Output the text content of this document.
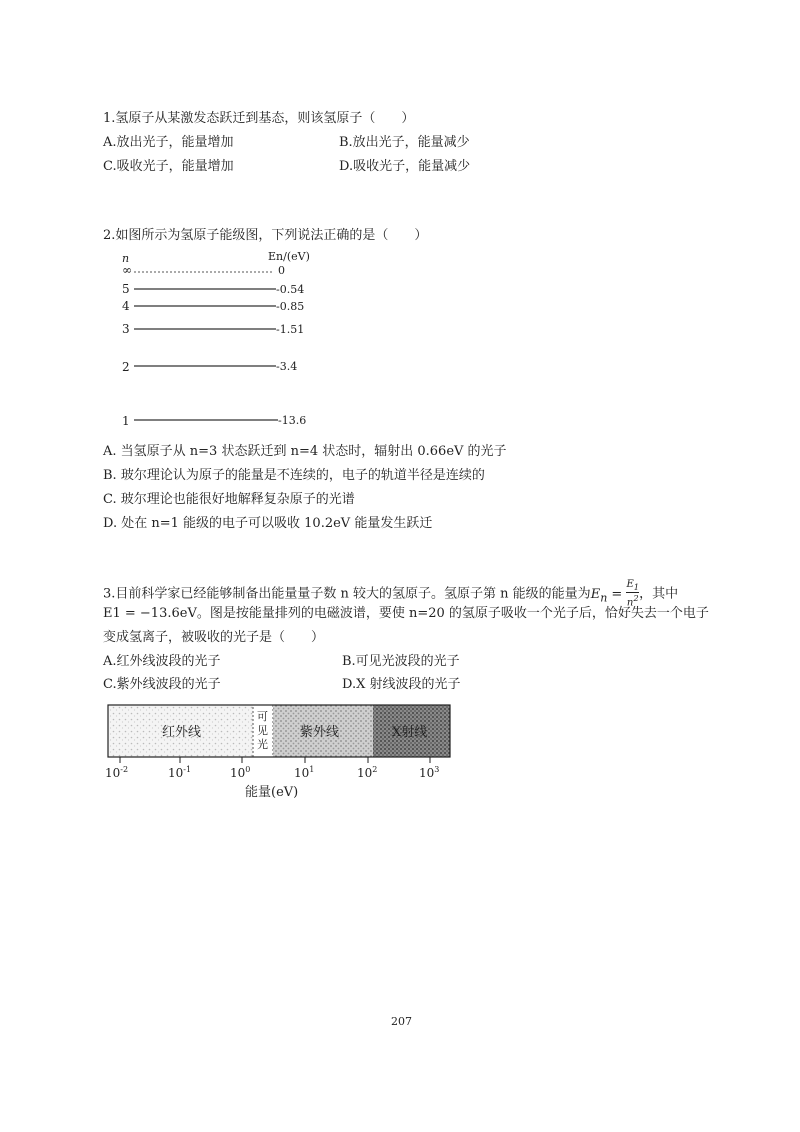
1.氢原子从某激发态跃迁到基态，则该氢原子（　　）
A.放出光子，能量增加	B.放出光子，能量减少
C.吸收光子，能量增加	D.吸收光子，能量减少
2.如图所示为氢原子能级图，下列说法正确的是（　　）
n	En/(eV)
∞	0
5	-0.54
4	-0.85
3	-1.51
2	-3.4
1	-13.6
A. 当氢原子从 n=3 状态跃迁到 n=4 状态时，辐射出 0.66eV 的光子
B. 玻尔理论认为原子的能量是不连续的，电子的轨道半径是连续的
C. 玻尔理论也能很好地解释复杂原子的光谱
D. 处在 n=1 能级的电子可以吸收 10.2eV 能量发生跃迁
3.目前科学家已经能够制备出能量量子数 n 较大的氢原子。氢原子第 n 能级的能量为$E_n = \frac{E_1}{n^2}$ ，其中
E1 = −13.6eV。图是按能量排列的电磁波谱，要使 n=20 的氢原子吸收一个光子后，恰好失去一个电子
变成氢离子，被吸收的光子是（　　）
A.红外线波段的光子	B.可见光波段的光子
C.紫外线波段的光子	D.X 射线波段的光子
红外线
可
见
光
紫外线	X射线
$10^{-2}$	$10^{-1}$	$10^0$	$10^1$	$10^2$	$10^3$
能量(eV)
207
